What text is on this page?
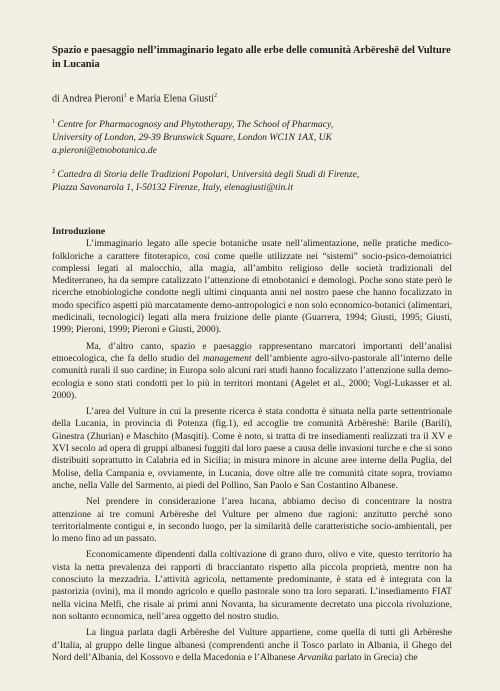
Spazio e paesaggio nell’immaginario legato alle erbe delle comunità Arbëreshë del Vulture in Lucania
di Andrea Pieroni$^1$ e Maria Elena Giusti$^2$
$^1$ Centre for Pharmacognosy and Phytotherapy, The School of Pharmacy,
University of London, 29-39 Brunswick Square, London WC1N 1AX, UK
a.pieroni@etnobotanica.de
$^2$ Cattedra di Storia delle Tradizioni Popolari, Università degli Studi di Firenze,
Piazza Savonarola 1, I-50132 Firenze, Italy, elenagiusti@tin.it
Introduzione

L’immaginario legato alle specie botaniche usate nell’alimentazione, nelle pratiche medico-folkloriche a carattere fitoterapico, così come quelle utilizzate nei “sistemi” socio-psico-demoiatrici complessi legati al malocchio, alla magia, all’ambito religioso delle società tradizionali del Mediterraneo, ha da sempre catalizzato l’attenzione di etnobotanici e demologi. Poche sono state però le ricerche etnobiologiche condotte negli ultimi cinquanta anni nel nostro paese che hanno focalizzato in modo specifico aspetti più marcatamente demo-antropologici e non solo economico-botanici (alimentari, medicinali, tecnologici) legati alla mera fruizione delle piante (Guarrera, 1994; Giusti, 1995; Giusti, 1999; Pieroni, 1999; Pieroni e Giusti, 2000).

Ma, d’altro canto, spazio e paesaggio rappresentano marcatori importanti dell’analisi etnoecologica, che fa dello studio del management dell’ambiente agro-silvo-pastorale all’interno delle comunità rurali il suo cardine; in Europa solo alcuni rari studi hanno focalizzato l’attenzione sulla demo-ecologia e sono stati condotti per lo più in territori montani (Agelet et al., 2000; Vogl-Lukasser et al. 2000).

L’area del Vulture in cui la presente ricerca è stata condotta è situata nella parte settentrionale della Lucania, in provincia di Potenza (fig.1), ed accoglie tre comunità Arbëreshë: Barile (Barili), Ginestra (Zhurian) e Maschito (Masqiti). Come è noto, si tratta di tre insediamenti realizzati tra il XV e XVI secolo ad opera di gruppi albanesi fuggiti dal loro paese a causa delle invasioni turche e che si sono distribuiti soprattutto in Calabria ed in Sicilia; in misura minore in alcune aree interne della Puglia, del Molise, della Campania e, ovviamente, in Lucania, dove oltre alle tre comunità citate sopra, troviamo anche, nella Valle del Sarmento, ai piedi del Pollino, San Paolo e San Costantino Albanese.

Nel prendere in considerazione l’area lucana, abbiamo deciso di concentrare la nostra attenzione ai tre comuni Arbëreshe del Vulture per almeno due ragioni: anzitutto perché sono territorialmente contigui e, in secondo luogo, per la similarità delle caratteristiche socio-ambientali, per lo meno fino ad un passato.

Economicamente dipendenti dalla coltivazione di grano duro, olivo e vite, questo territorio ha vista la netta prevalenza dei rapporti di bracciantato rispetto alla piccola proprietà, mentre non ha conosciuto la mezzadria. L’attività agricola, nettamente predominante, è stata ed è integrata con la pastorizia (ovini), ma il mondo agricolo e quello pastorale sono tra loro separati. L’insediamento FIAT nella vicina Melfi, che risale ai primi anni Novanta, ha sicuramente decretato una piccola rivoluzione, non soltanto economica, nell’area oggetto del nostro studio.

La lingua parlata dagli Arbëreshe del Vulture appartiene, come quella di tutti gli Arbëreshe d’Italia, al gruppo delle lingue albanesi (comprendenti anche il Tosco parlato in Albania, il Ghego del Nord dell’Albania, del Kossovo e della Macedonia e l’Albanese Arvanika parlato in Grecia) che
